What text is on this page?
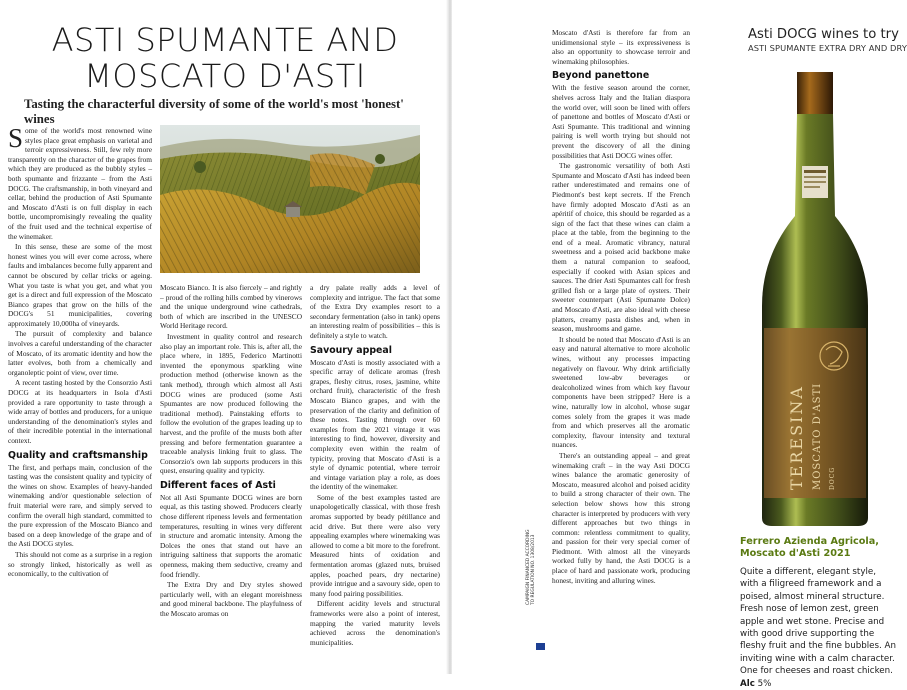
ASTI SPUMANTE AND
MOSCATO D'ASTI
Tasting the characterful diversity of some of the world's most 'honest' wines

Some of the world's most renowned wine styles place great emphasis on varietal and terroir expressiveness. Still, few rely more transparently on the character of the grapes from which they are produced as the bubbly styles – both spumante and frizzante – from the Asti DOCG. The craftsmanship, in both vineyard and cellar, behind the production of Asti Spumante and Moscato d'Asti is on full display in each bottle, uncompromisingly revealing the quality of the fruit used and the technical expertise of the winemaker.

In this sense, these are some of the most honest wines you will ever come across, where faults and imbalances become fully apparent and cannot be obscured by cellar tricks or ageing. What you taste is what you get, and what you get is a direct and full expression of the Moscato Bianco grapes that grow on the hills of the DOCG's 51 municipalities, covering approximately 10,000ha of vineyards.

The pursuit of complexity and balance involves a careful understanding of the character of Moscato, of its aromatic identity and how the latter evolves, both from a chemically and organoleptic point of view, over time.

A recent tasting hosted by the Consorzio Asti DOCG at its headquarters in Isola d'Asti provided a rare opportunity to taste through a wide array of bottles and producers, for a unique understanding of the denomination's styles and of their incredible potential in the international context.

Quality and craftsmanship

The first, and perhaps main, conclusion of the tasting was the consistent quality and typicity of the wines on show. Examples of heavy-handed winemaking and/or questionable selection of fruit material were rare, and simply served to confirm the overall high standard, committed to the pure expression of the Moscato Bianco and based on a deep knowledge of the grape and of the Asti DOCG styles.

This should not come as a surprise in a region so strongly linked, historically as well as economically, to the cultivation of

Moscato Bianco. It is also fiercely – and rightly – proud of the rolling hills combed by vinerows and the unique underground wine cathedrals, both of which are inscribed in the UNESCO World Heritage record.

Investment in quality control and research also play an important role. This is, after all, the place where, in 1895, Federico Martinotti invented the eponymous sparkling wine production method (otherwise known as the tank method), through which almost all Asti DOCG wines are produced (some Asti Spumantes are now produced following the traditional method). Painstaking efforts to follow the evolution of the grapes leading up to harvest, and the profile of the musts both after pressing and before fermentation guarantee a traceable analysis linking fruit to glass. The Consorzio's own lab supports producers in this quest, ensuring quality and typicity.

Different faces of Asti

Not all Asti Spumante DOCG wines are born equal, as this tasting showed. Producers clearly chose different ripeness levels and fermentation temperatures, resulting in wines very different in structure and aromatic intensity. Among the Dolces the ones that stand out have an intriguing saltiness that supports the aromatic openness, making them seductive, creamy and food friendly.

The Extra Dry and Dry styles showed particularly well, with an elegant moreishness and good mineral backbone. The playfulness of the Moscato aromas on

a dry palate really adds a level of complexity and intrigue. The fact that some of the Extra Dry examples resort to a secondary fermentation (also in tank) opens an interesting realm of possibilities – this is definitely a style to watch.

Savoury appeal

Moscato d'Asti is mostly associated with a specific array of delicate aromas (fresh grapes, fleshy citrus, roses, jasmine, white orchard fruit), characteristic of the fresh Moscato Bianco grapes, and with the preservation of the clarity and definition of these notes. Tasting through over 60 examples from the 2021 vintage it was interesting to find, however, diversity and complexity even within the realm of typicity, proving that Moscato d'Asti is a style of dynamic potential, where terroir and vintage variation play a role, as does the identity of the winemaker.

Some of the best examples tasted are unapologetically classical, with those fresh aromas supported by beady pétillance and acid drive. But there were also very appealing examples where winemaking was allowed to come a bit more to the forefront. Measured hints of oxidation and fermentation aromas (glazed nuts, bruised apples, poached pears, dry nectarine) provide intrigue and a savoury side, open to many food pairing possibilities.

Different acidity levels and structural frameworks were also a point of interest, mapping the varied maturity levels achieved across the denomination's municipalities.

Moscato d'Asti is therefore far from an unidimensional style – its expressiveness is also an opportunity to showcase terroir and winemaking philosophies.

Beyond panettone

With the festive season around the corner, shelves across Italy and the Italian diaspora the world over, will soon be lined with offers of panettone and bottles of Moscato d'Asti or Asti Spumante. This traditional and winning pairing is well worth trying but should not prevent the discovery of all the dining possibilities that Asti DOCG wines offer.

The gastronomic versatility of both Asti Spumante and Moscato d'Asti has indeed been rather underestimated and remains one of Piedmont's best kept secrets. If the French have firmly adopted Moscato d'Asti as an apéritif of choice, this should be regarded as a sign of the fact that these wines can claim a place at the table, from the beginning to the end of a meal. Aromatic vibrancy, natural sweetness and a poised acid backbone make them a natural companion to seafood, especially if cooked with Asian spices and sauces. The drier Asti Spumantes call for fresh grilled fish or a large plate of oysters. Their sweeter counterpart (Asti Spumante Dolce) and Moscato d'Asti, are also ideal with cheese platters, creamy pasta dishes and, when in season, mushrooms and game.

It should be noted that Moscato d'Asti is an easy and natural alternative to more alcoholic wines, without any processes impacting negatively on flavour. Why drink artificially sweetened low-abv beverages or dealcoholized wines from which key flavour components have been stripped? Here is a wine, naturally low in alcohol, whose sugar comes solely from the grapes it was made from and which preserves all the aromatic complexity, flavour intensity and textural nuances.

There's an outstanding appeal – and great winemaking craft – in the way Asti DOCG wines balance the aromatic generosity of Moscato, measured alcohol and poised acidity to build a strong character of their own. The selection below shows how this strong character is interpreted by producers with very different approaches but two things in common: relentless commitment to quality, and passion for their very special corner of Piedmont. With almost all the vineyards worked fully by hand, the Asti DOCG is a place of hard and passionate work, producing honest, inviting and alluring wines.

CAMPAIGN FINANCED ACCORDING TO REGULATION NO. 1308/2013
Asti DOCG wines to try
ASTI SPUMANTE EXTRA DRY AND DRY
TERESINA MOSCATO D'ASTI DOCG
Ferrero Azienda Agricola, Moscato d'Asti 2021
Quite a different, elegant style, with a filigreed framework and a poised, almost mineral structure. Fresh nose of lemon zest, green apple and wet stone. Precise and with good drive supporting the fleshy fruit and the fine bubbles. An inviting wine with a calm character. One for cheeses and roast chicken. Alc 5%
